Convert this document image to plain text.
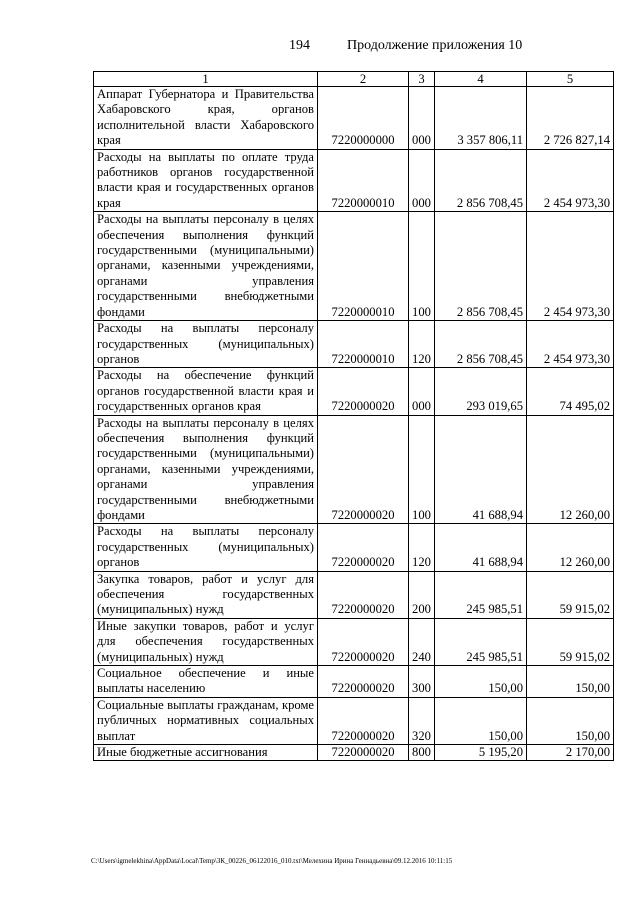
194	Продолжение приложения 10
1	2	3	4	5
Аппарат Губернатора и Правительства Хабаровского края, органов исполнительной власти Хабаровского края	7220000000	000	3 357 806,11	2 726 827,14
Расходы на выплаты по оплате труда работников органов государственной власти края и государственных органов края	7220000010	000	2 856 708,45	2 454 973,30
Расходы на выплаты персоналу в целях обеспечения выполнения функций государственными (муниципальными) органами, казенными учреждениями, органами управления государственными внебюджетными фондами	7220000010	100	2 856 708,45	2 454 973,30
Расходы на выплаты персоналу государственных (муниципальных) органов	7220000010	120	2 856 708,45	2 454 973,30
Расходы на обеспечение функций органов государственной власти края и государственных органов края	7220000020	000	293 019,65	74 495,02
Расходы на выплаты персоналу в целях обеспечения выполнения функций государственными (муниципальными) органами, казенными учреждениями, органами управления государственными внебюджетными фондами	7220000020	100	41 688,94	12 260,00
Расходы на выплаты персоналу государственных (муниципальных) органов	7220000020	120	41 688,94	12 260,00
Закупка товаров, работ и услуг для обеспечения государственных (муниципальных) нужд	7220000020	200	245 985,51	59 915,02
Иные закупки товаров, работ и услуг для обеспечения государственных (муниципальных) нужд	7220000020	240	245 985,51	59 915,02
Социальное обеспечение и иные выплаты населению	7220000020	300	150,00	150,00
Социальные выплаты гражданам, кроме публичных нормативных социальных выплат	7220000020	320	150,00	150,00
Иные бюджетные ассигнования	7220000020	800	5 195,20	2 170,00
C:\Users\igmelekhina\AppData\Local\Temp\ЗК_00226_06122016_010.txt\Мелехина Ирина Геннадьевна\09.12.2016 10:11:15
